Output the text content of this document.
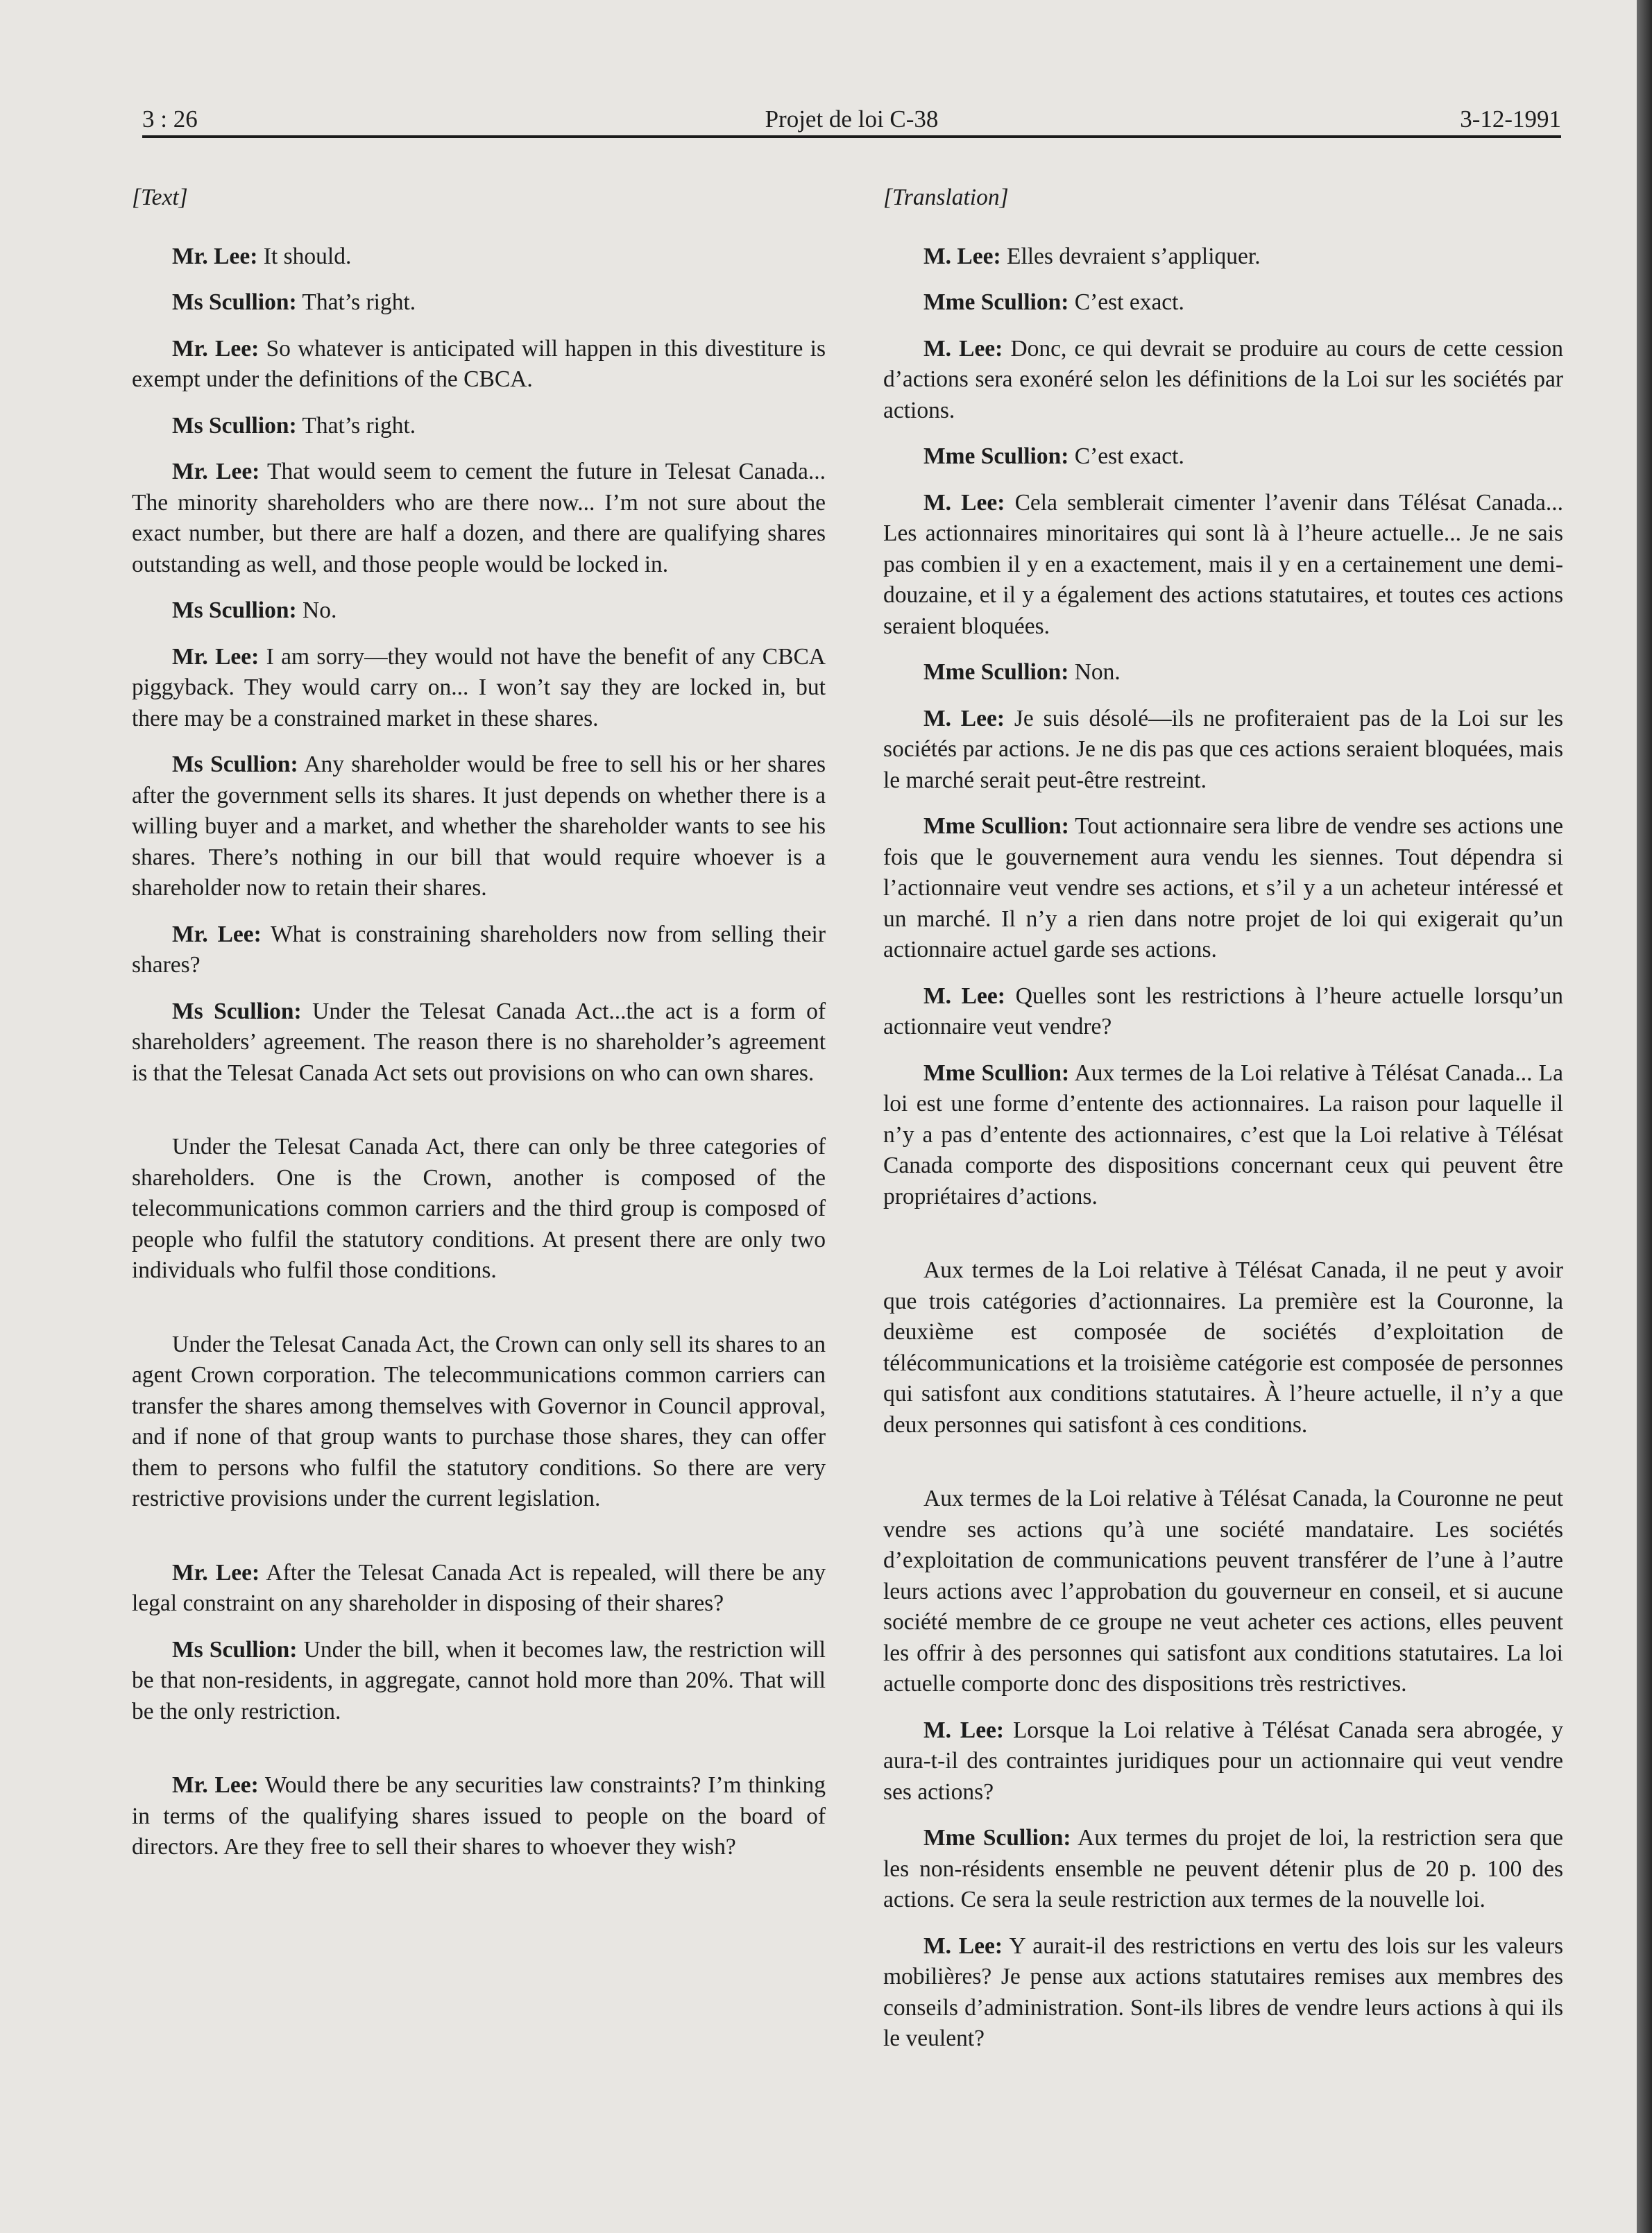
Projet de loi C-38
3 : 26	3-12-1991
[Text]

Mr. Lee: It should.

Ms Scullion: That’s right.

Mr. Lee: So whatever is anticipated will happen in this divestiture is exempt under the definitions of the CBCA.

Ms Scullion: That’s right.

Mr. Lee: That would seem to cement the future in Telesat Canada... The minority shareholders who are there now... I’m not sure about the exact number, but there are half a dozen, and there are qualifying shares outstanding as well, and those people would be locked in.

Ms Scullion: No.

Mr. Lee: I am sorry—they would not have the benefit of any CBCA piggyback. They would carry on... I won’t say they are locked in, but there may be a constrained market in these shares.

Ms Scullion: Any shareholder would be free to sell his or her shares after the government sells its shares. It just depends on whether there is a willing buyer and a market, and whether the shareholder wants to see his shares. There’s nothing in our bill that would require whoever is a shareholder now to retain their shares.

Mr. Lee: What is constraining shareholders now from selling their shares?

Ms Scullion: Under the Telesat Canada Act...the act is a form of shareholders’ agreement. The reason there is no shareholder’s agreement is that the Telesat Canada Act sets out provisions on who can own shares.

Under the Telesat Canada Act, there can only be three categories of shareholders. One is the Crown, another is composed of the telecommunications common carriers and the third group is composɐd of people who fulfil the statutory conditions. At present there are only two individuals who fulfil those conditions.

Under the Telesat Canada Act, the Crown can only sell its shares to an agent Crown corporation. The telecommunications common carriers can transfer the shares among themselves with Governor in Council approval, and if none of that group wants to purchase those shares, they can offer them to persons who fulfil the statutory conditions. So there are very restrictive provisions under the current legislation.

Mr. Lee: After the Telesat Canada Act is repealed, will there be any legal constraint on any shareholder in disposing of their shares?

Ms Scullion: Under the bill, when it becomes law, the restriction will be that non-residents, in aggregate, cannot hold more than 20%. That will be the only restriction.

Mr. Lee: Would there be any securities law constraints? I’m thinking in terms of the qualifying shares issued to people on the board of directors. Are they free to sell their shares to whoever they wish?

[Translation]

M. Lee: Elles devraient s’appliquer.

Mme Scullion: C’est exact.

M. Lee: Donc, ce qui devrait se produire au cours de cette cession d’actions sera exonéré selon les définitions de la Loi sur les sociétés par actions.

Mme Scullion: C’est exact.

M. Lee: Cela semblerait cimenter l’avenir dans Télésat Canada... Les actionnaires minoritaires qui sont là à l’heure actuelle... Je ne sais pas combien il y en a exactement, mais il y en a certainement une demi-douzaine, et il y a également des actions statutaires, et toutes ces actions seraient bloquées.

Mme Scullion: Non.

M. Lee: Je suis désolé—ils ne profiteraient pas de la Loi sur les sociétés par actions. Je ne dis pas que ces actions seraient bloquées, mais le marché serait peut-être restreint.

Mme Scullion: Tout actionnaire sera libre de vendre ses actions une fois que le gouvernement aura vendu les siennes. Tout dépendra si l’actionnaire veut vendre ses actions, et s’il y a un acheteur intéressé et un marché. Il n’y a rien dans notre projet de loi qui exigerait qu’un actionnaire actuel garde ses actions.

M. Lee: Quelles sont les restrictions à l’heure actuelle lorsqu’un actionnaire veut vendre?

Mme Scullion: Aux termes de la Loi relative à Télésat Canada... La loi est une forme d’entente des actionnaires. La raison pour laquelle il n’y a pas d’entente des actionnaires, c’est que la Loi relative à Télésat Canada comporte des dispositions concernant ceux qui peuvent être propriétaires d’actions.

Aux termes de la Loi relative à Télésat Canada, il ne peut y avoir que trois catégories d’actionnaires. La première est la Couronne, la deuxième est composée de sociétés d’exploitation de télécommunications et la troisième catégorie est composée de personnes qui satisfont aux conditions statutaires. À l’heure actuelle, il n’y a que deux personnes qui satisfont à ces conditions.

Aux termes de la Loi relative à Télésat Canada, la Couronne ne peut vendre ses actions qu’à une société mandataire. Les sociétés d’exploitation de communications peuvent transférer de l’une à l’autre leurs actions avec l’approbation du gouverneur en conseil, et si aucune société membre de ce groupe ne veut acheter ces actions, elles peuvent les offrir à des personnes qui satisfont aux conditions statutaires. La loi actuelle comporte donc des dispositions très restrictives.

M. Lee: Lorsque la Loi relative à Télésat Canada sera abrogée, y aura-t-il des contraintes juridiques pour un actionnaire qui veut vendre ses actions?

Mme Scullion: Aux termes du projet de loi, la restriction sera que les non-résidents ensemble ne peuvent détenir plus de 20 p. 100 des actions. Ce sera la seule restriction aux termes de la nouvelle loi.

M. Lee: Y aurait-il des restrictions en vertu des lois sur les valeurs mobilières? Je pense aux actions statutaires remises aux membres des conseils d’administration. Sont-ils libres de vendre leurs actions à qui ils le veulent?
